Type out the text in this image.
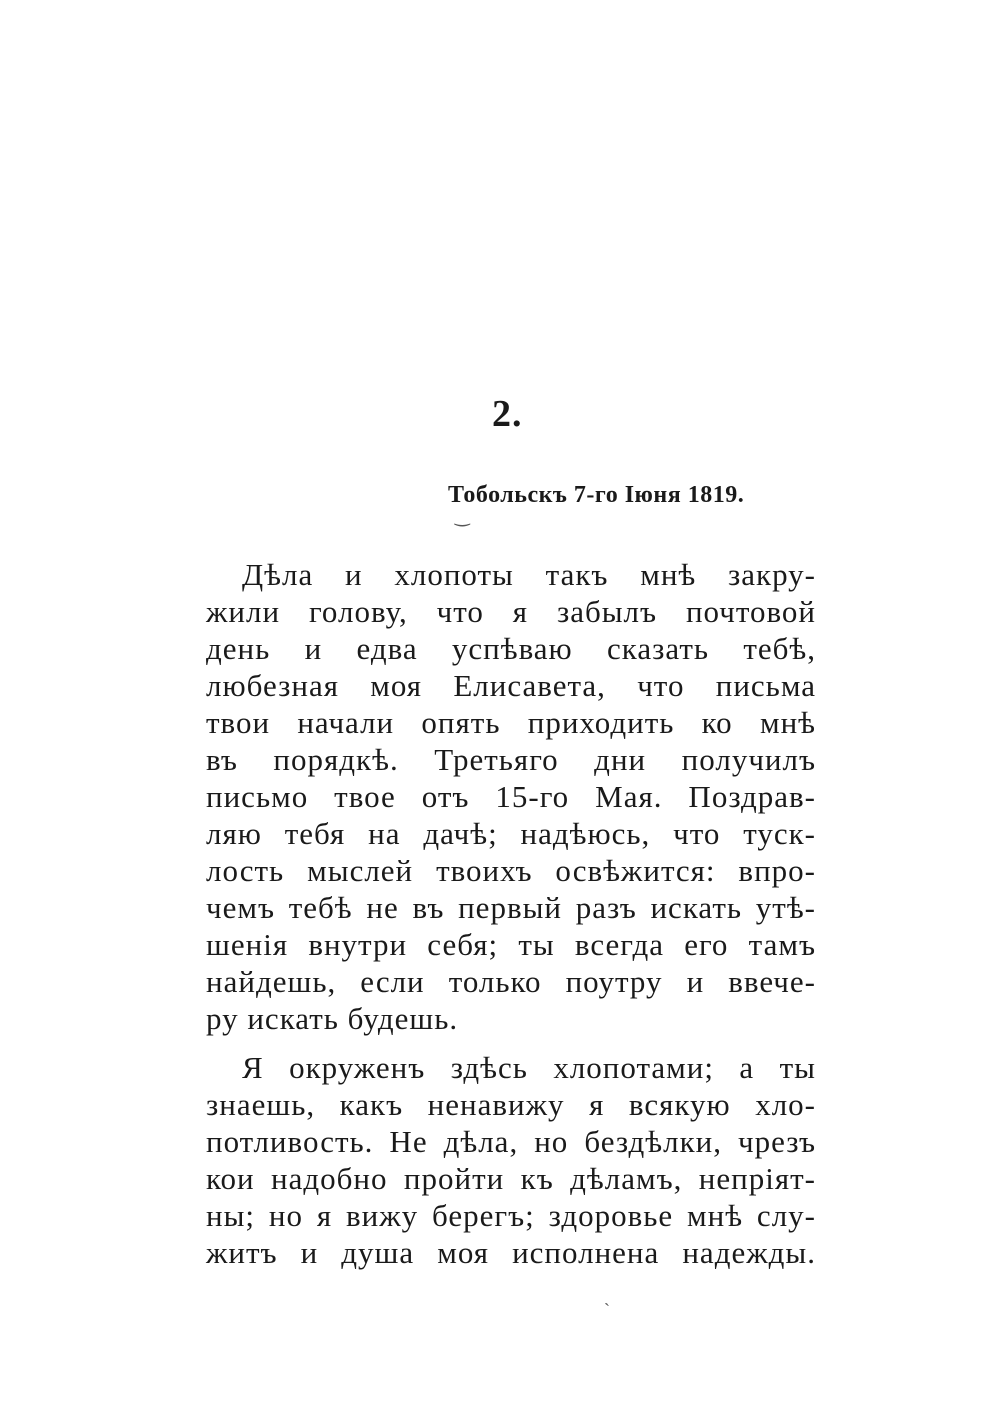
2.
Тобольскъ 7-го Іюня 1819.
‿
Дѣла и хлопоты такъ мнѣ закру-
жили голову, что я забылъ почтовой
день и едва успѣваю сказать тебѣ,
любезная моя Елисавета, что письма
твои начали опять приходить ко мнѣ
въ порядкѣ. Третьяго дни получилъ
письмо твое отъ 15-го Мая. Поздрав-
ляю тебя на дачѣ; надѣюсь, что туск-
лость мыслей твоихъ освѣжится: впро-
чемъ тебѣ не въ первый разъ искать утѣ-
шенія внутри себя; ты всегда его тамъ
найдешь, если только поутру и ввече-
ру искать будешь.
Я окруженъ здѣсь хлопотами; а ты
знаешь, какъ ненавижу я всякую хло-
потливость. Не дѣла, но бездѣлки, чрезъ
кои надобно пройти къ дѣламъ, непріят-
ны; но я вижу берегъ; здоровье мнѣ слу-
житъ и душа моя исполнена надежды.
`
